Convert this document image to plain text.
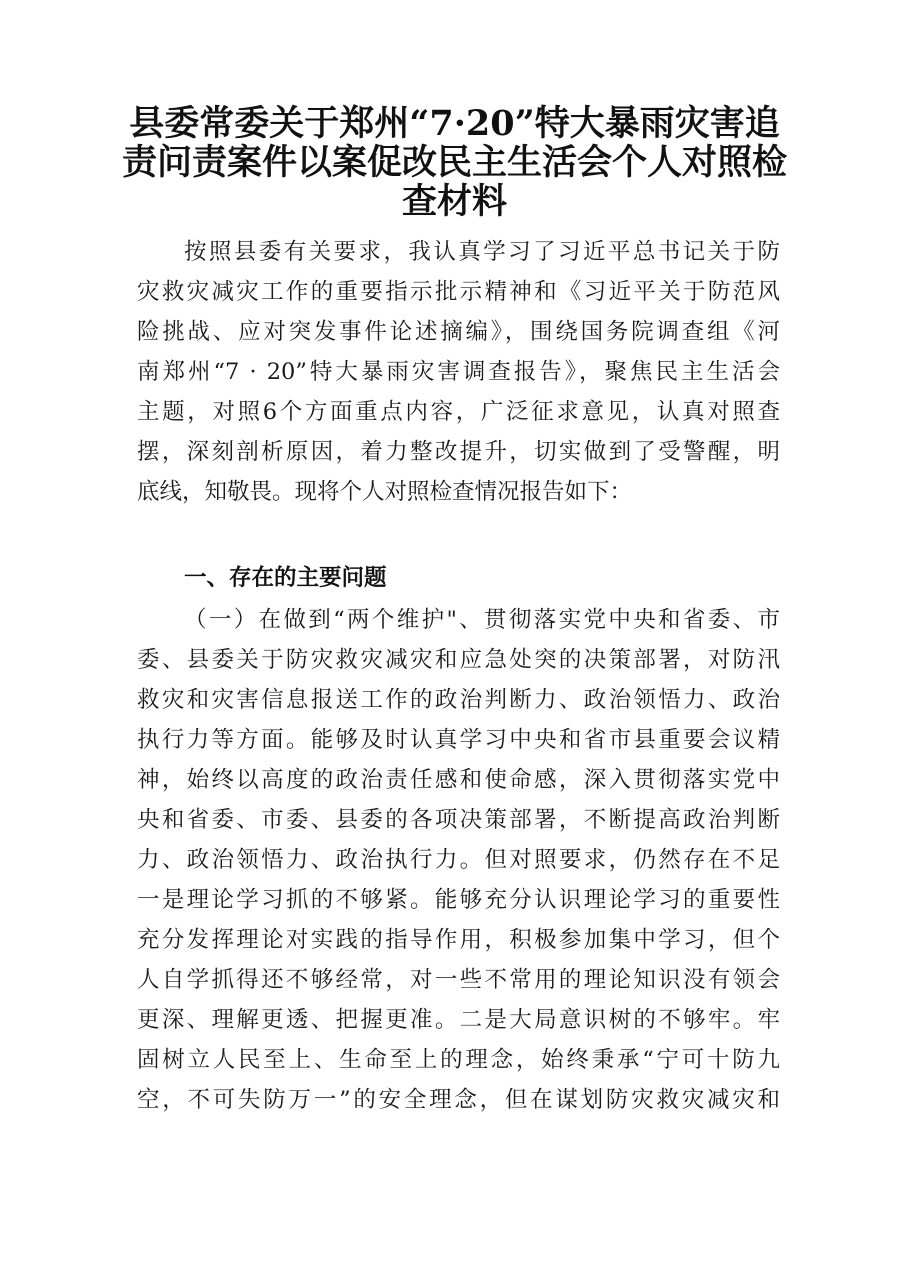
县委常委关于郑州“7·20”特大暴雨灾害追
责问责案件以案促改民主生活会个人对照检
查材料
按照县委有关要求，我认真学习了习近平总书记关于防
灾救灾减灾工作的重要指示批示精神和《习近平关于防范风
险挑战、应对突发事件论述摘编》，围绕国务院调查组《河
南郑州“7 · 20”特大暴雨灾害调查报告》，聚焦民主生活会
主题，对照6个方面重点内容，广泛征求意见，认真对照查
摆，深刻剖析原因，着力整改提升，切实做到了受警醒，明
底线，知敬畏。现将个人对照检查情况报告如下：
一、存在的主要问题
（一）在做到“两个维护"、贯彻落实党中央和省委、市
委、县委关于防灾救灾减灾和应急处突的决策部署，对防汛
救灾和灾害信息报送工作的政治判断力、政治领悟力、政治
执行力等方面。能够及时认真学习中央和省市县重要会议精
神，始终以高度的政治责任感和使命感，深入贯彻落实党中
央和省委、市委、县委的各项决策部署，不断提高政治判断
力、政治领悟力、政治执行力。但对照要求，仍然存在不足
一是理论学习抓的不够紧。能够充分认识理论学习的重要性
充分发挥理论对实践的指导作用，积极参加集中学习，但个
人自学抓得还不够经常，对一些不常用的理论知识没有领会
更深、理解更透、把握更准。二是大局意识树的不够牢。牢
固树立人民至上、生命至上的理念，始终秉承“宁可十防九
空，不可失防万一”的安全理念，但在谋划防灾救灾减灾和
